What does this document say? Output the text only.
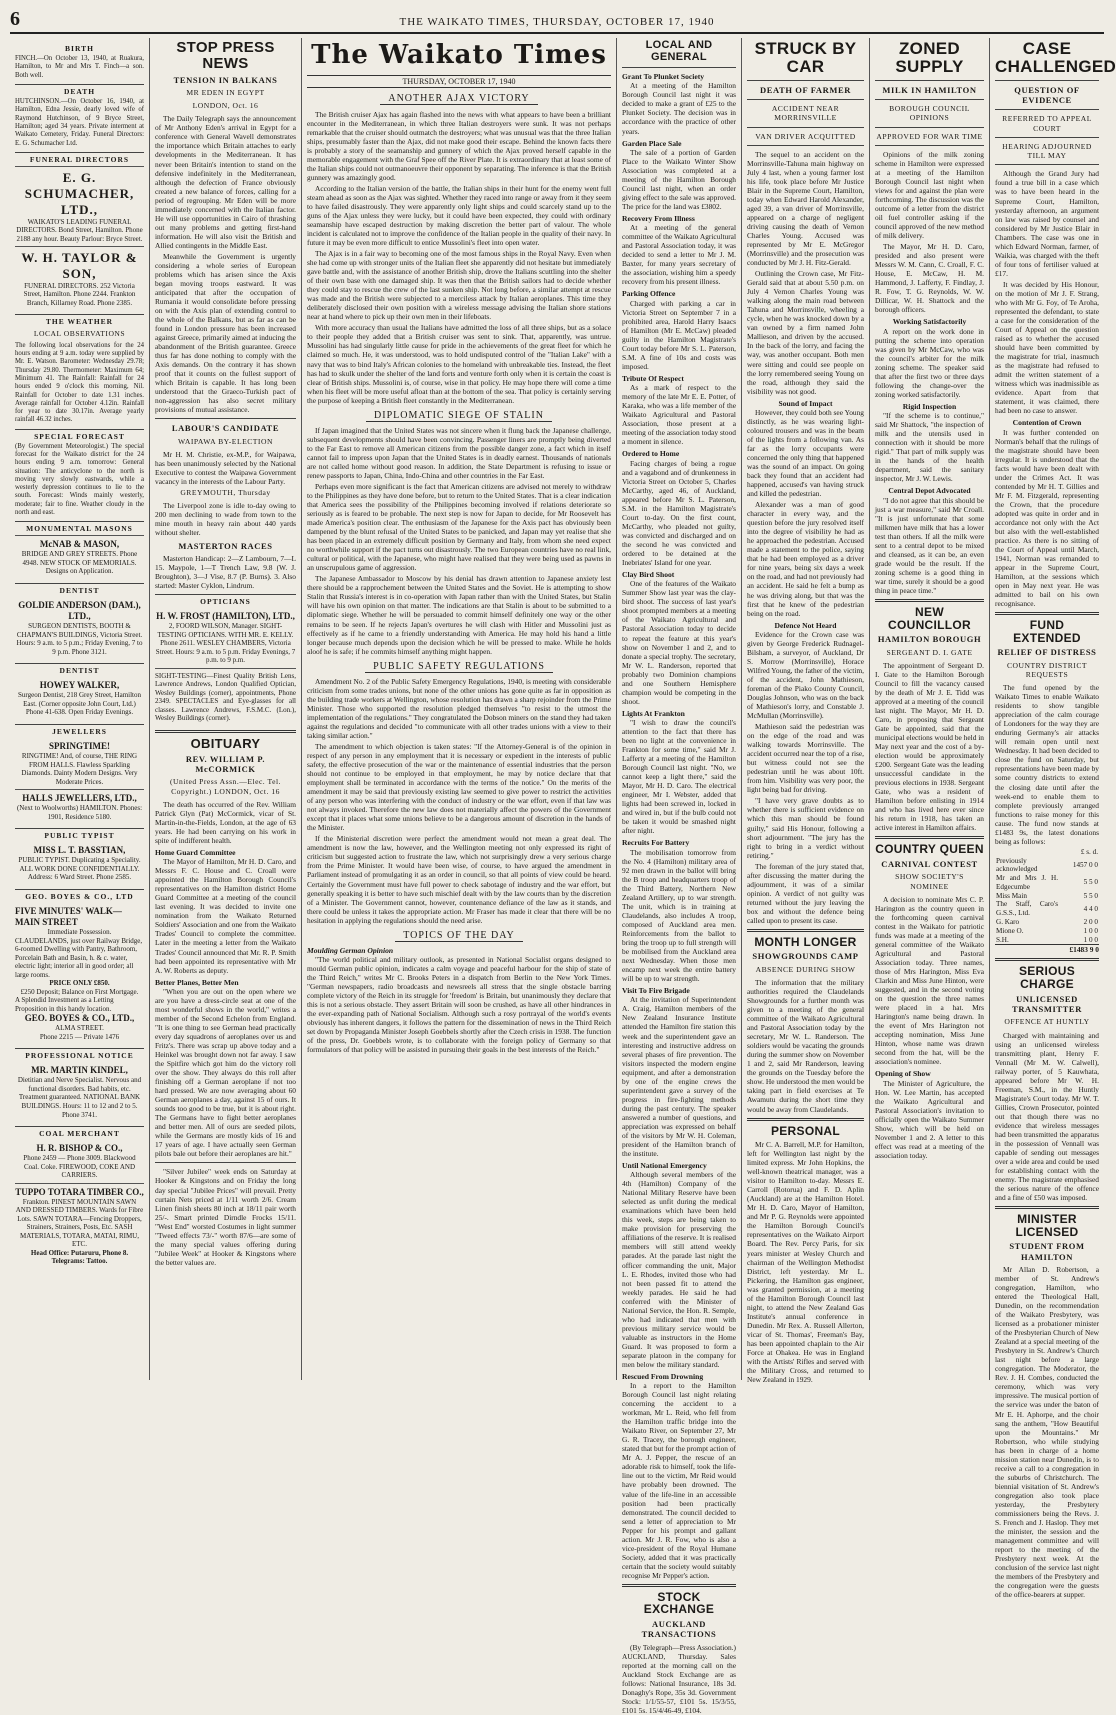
6	THE WAIKATO TIMES, THURSDAY, OCTOBER 17, 1940
BIRTH
FINCH.—On October 13, 1940, at Ruakura, Hamilton, to Mr and Mrs T. Finch—a son. Both well.
DEATH
HUTCHINSON.—On October 16, 1940, at Hamilton, Edna Jessie, dearly loved wife of Raymond Hutchinson, of 9 Bryce Street, Hamilton; aged 34 years. Private interment at Waikato Cemetery, Friday. Funeral Directors: E. G. Schumacher Ltd.
FUNERAL DIRECTORS
E. G. SCHUMACHER, LTD.,
WAIKATO'S LEADING FUNERAL DIRECTORS. Bond Street, Hamilton. Phone 2188 any hour. Beauty Parlour: Bryce Street.
W. H. TAYLOR & SON,
FUNERAL DIRECTORS. 252 Victoria Street, Hamilton. Phone 2244. Frankton Branch, Killarney Road. Phone 2385.
THE WEATHER
LOCAL OBSERVATIONS
The following local observations for the 24 hours ending at 9 a.m. today were supplied by Mr. E. Watson. Barometer: Wednesday 29.78; Thursday 29.80. Thermometer: Maximum 64; Minimum 41. The Rainfall: Rainfall for 24 hours ended 9 o'clock this morning, Nil. Rainfall for October to date 1.31 inches. Average rainfall for October 4.12in. Rainfall for year to date 30.17in. Average yearly rainfall 46.32 inches.
SPECIAL FORECAST
(By Government Meteorologist.) The special forecast for the Waikato district for the 24 hours ending 9 a.m. tomorrow: General situation: The anticyclone to the north is moving very slowly eastwards, while a westerly depression continues to lie to the south. Forecast: Winds mainly westerly, moderate; fair to fine. Weather cloudy in the north and east.
MONUMENTAL MASONS
McNAB & MASON,
BRIDGE AND GREY STREETS. Phone 4948. NEW STOCK OF MEMORIALS. Designs on Application.
DENTIST
GOLDIE ANDERSON (DAM.), LTD.,
SURGEON DENTISTS, BOOTH & CHAPMAN'S BUILDINGS, Victoria Street. Hours: 9 a.m. to 5 p.m.; Friday Evening, 7 to 9 p.m. Phone 3121.
DENTIST
HOWEY WALKER,
Surgeon Dentist, 218 Grey Street, Hamilton East. (Corner opposite John Court, Ltd.) Phone 41-638. Open Friday Evenings.
JEWELLERS
SPRINGTIME!
RINGTIME! And, of course, THE RING FROM HALLS. Flawless Sparkling Diamonds. Dainty Modern Designs. Very Moderate Prices.
HALLS JEWELLERS, LTD.,
(Next to Woolworths) HAMILTON. Phones: 1901, Residence 5180.
PUBLIC TYPIST
MISS L. T. BASSTIAN,
PUBLIC TYPIST. Duplicating a Speciality. ALL WORK DONE CONFIDENTIALLY. Address: 6 Ward Street. Phone 2585.
GEO. BOYES & CO., LTD
FIVE MINUTES' WALK—MAIN STREET
Immediate Possession.
CLAUDELANDS, just over Railway Bridge, 6-roomed Dwelling with Pantry, Bathroom, Porcelain Bath and Basin, h. & c. water, electric light; interior all in good order; all large rooms.
PRICE ONLY £850.
£250 Deposit; Balance on First Mortgage.
A Splendid Investment as a Letting Proposition in this handy location.
GEO. BOYES & CO., LTD.,
ALMA STREET.
Phone 2215 — Private 1476
PROFESSIONAL NOTICE
MR. MARTIN KINDEL,
Dietitian and Nerve Specialist. Nervous and functional disorders. Bad habits, etc. Treatment guaranteed. NATIONAL BANK BUILDINGS. Hours: 11 to 12 and 2 to 5. Phone 3741.
COAL MERCHANT
H. R. BISHOP & CO.,
Phone 2459 — Phone 3009. Blackwood Coal. Coke. FIREWOOD, COKE AND CARRIERS.
TUPPO TOTARA TIMBER CO.,
Frankton. PINEST MOUNTAIN SAWN AND DRESSED TIMBERS. Wards for Fibre Lots. SAWN TOTARA—Fencing Droppers, Strainers, Strainers, Posts, Etc. SASH MATERIALS, TOTARA, MATAI, RIMU, ETC.
Head Office: Putaruru, Phone 8. Telegrams: Tattoo.
STOP PRESS NEWS
TENSION IN BALKANS
MR EDEN IN EGYPT
LONDON, Oct. 16

The Daily Telegraph says the announcement of Mr Anthony Eden's arrival in Egypt for a conference with General Wavell demonstrates the importance which Britain attaches to early developments in the Mediterranean. It has never been Britain's intention to stand on the defensive indefinitely in the Mediterranean, although the defection of France obviously created a new balance of forces, calling for a period of regrouping. Mr Eden will be more immediately concerned with the Italian factor. He will use opportunities in Cairo of thrashing out many problems and getting first-hand information. He will also visit the British and Allied contingents in the Middle East.

Meanwhile the Government is urgently considering a whole series of European problems which has arisen since the Axis began moving troops eastward. It was anticipated that after the occupation of Rumania it would consolidate before pressing on with the Axis plan of extending control to the whole of the Balkans, but as far as can be found in London pressure has been increased against Greece, primarily aimed at inducing the abandonment of the British guarantee. Greece thus far has done nothing to comply with the Axis demands. On the contrary it has shown proof that it counts on the fullest support of which Britain is capable. It has long been understood that the Graeco-Turkish pact of non-aggression has also secret military provisions of mutual assistance.

LABOUR'S CANDIDATE
WAIPAWA BY-ELECTION

Mr H. M. Christie, ex-M.P., for Waipawa, has been unanimously selected by the National Executive to contest the Waipawa Government vacancy in the interests of the Labour Party.

GREYMOUTH, Thursday

The Liverpool zone is idle to-day owing to 200 men declining to wade from town to the mine mouth in heavy rain about 440 yards without shelter.

MASTERTON RACES

Masterton Handicap: 2—Z Lambourn, 7—L 15. Maypole, 1—T Trench Law, 9.8 (W. J. Broughton), 3—J Vise, 8.7 (P. Burns). 3. Also started: Master Cyklon, Lindrum.

OPTICIANS
H. W. FROST (HAMILTON), LTD.,
2, FOORD WILSON, Manager. SIGHT-TESTING OPTICIANS. WITH MR. E. KELLY. Phone 2611. WESLEY CHAMBERS, Victoria Street. Hours: 9 a.m. to 5 p.m. Friday Evenings, 7 p.m. to 9 p.m.
SIGHT-TESTING—Finest Quality British Lens, Lawrence Andrews, London Qualified Optician, Wesley Buildings (corner), appointments, Phone 2349. SPECTACLES and Eye-glasses for all classes. Lawrence Andrews, F.S.M.C. (Lon.), Wesley Buildings (corner).
OBITUARY
REV. WILLIAM P. McCORMICK
(United Press Assn.—Elec. Tel. Copyright.) LONDON, Oct. 16

The death has occurred of the Rev. William Patrick Glyn (Pat) McCormick, vicar of St. Martin-in-the-Fields, London, at the age of 63 years. He had been carrying on his work in spite of indifferent health.

Home Guard Committee

The Mayor of Hamilton, Mr H. D. Caro, and Messrs F. C. House and C. Croall were appointed the Hamilton Borough Council's representatives on the Hamilton district Home Guard Committee at a meeting of the council last evening. It was decided to invite one nomination from the Waikato Returned Soldiers' Association and one from the Waikato Trades' Council to complete the committee. Later in the meeting a letter from the Waikato Trades' Council announced that Mr. R. P. Smith had been appointed its representative with Mr A. W. Roberts as deputy.

Better Planes, Better Men

"When you are out on the open where we are you have a dress-circle seat at one of the most wonderful shows in the world," writes a member of the Second Echelon from England. "It is one thing to see German head practically every day squadrons of aeroplanes over us and Fritz's. There was scrap up above today and a Heinkel was brought down not far away. I saw the Spitfire which got him do the victory roll over the show. They always do this roll after finishing off a German aeroplane if not too hard pressed. We are now averaging about 60 German aeroplanes a day, against 15 of ours. It sounds too good to be true, but it is about right. The Germans have to fight better aeroplanes and better men. All of ours are seeded pilots, while the Germans are mostly kids of 16 and 17 years of age. I have actually seen German pilots bale out before their aeroplanes are hit."

"Silver Jubilee" week ends on Saturday at Hooker & Kingstons and on Friday the long day special "Jubilee Prices" will prevail. Pretty curtain Nets priced at 1/11 worth 2/6. Cream Linen finish sheets 80 inch at 18/11 pair worth 25/-. Smart printed Dirndle Frocks 15/11. "West End" worsted Costumes in light summer "Tweed effects 73/-" worth 87/6—are some of the many special values offering during "Jubilee Week" at Hooker & Kingstons where the better values are.

The Waikato Times
THURSDAY, OCTOBER 17, 1940
ANOTHER AJAX VICTORY

The British cruiser Ajax has again flashed into the news with what appears to have been a brilliant encounter in the Mediterranean, in which three Italian destroyers were sunk. It was not perhaps remarkable that the cruiser should outmatch the destroyers; what was unusual was that the three Italian ships, presumably faster than the Ajax, did not make good their escape. Behind the known facts there is probably a story of the seamanship and gunnery of which the Ajax proved herself capable in the memorable engagement with the Graf Spee off the River Plate. It is extraordinary that at least some of the Italian ships could not outmanoeuvre their opponent by separating. The inference is that the British gunnery was amazingly good.

According to the Italian version of the battle, the Italian ships in their hunt for the enemy went full steam ahead as soon as the Ajax was sighted. Whether they raced into range or away from it they seem to have failed disastrously. They were apparently only light ships and could scarcely stand up to the guns of the Ajax unless they were lucky, but it could have been expected, they could with ordinary seamanship have escaped destruction by making discretion the better part of valour. The whole incident is calculated not to improve the confidence of the Italian people in the quality of their navy. In future it may be even more difficult to entice Mussolini's fleet into open water.

The Ajax is in a fair way to becoming one of the most famous ships in the Royal Navy. Even when she had come up with stronger units of the Italian fleet she apparently did not hesitate but immediately gave battle and, with the assistance of another British ship, drove the Italians scuttling into the shelter of their own base with one damaged ship. It was then that the British sailors had to decide whether they could stay to rescue the crew of the last sunken ship. Not long before, a similar attempt at rescue was made and the British were subjected to a merciless attack by Italian aeroplanes. This time they deliberately disclosed their own position with a wireless message advising the Italian shore stations near at hand where to pick up their own men in their lifeboats.

With more accuracy than usual the Italians have admitted the loss of all three ships, but as a solace to their people they added that a British cruiser was sent to sink. That, apparently, was untrue. Mussolini has had singularly little cause for pride in the achievements of the great fleet for which he claimed so much. He, it was understood, was to hold undisputed control of the "Italian Lake" with a navy that was to bind Italy's African colonies to the homeland with unbreakable ties. Instead, the fleet has had to skulk under the shelter of the land forts and venture forth only when it is certain the coast is clear of British ships. Mussolini is, of course, wise in that policy. He may hope there will come a time when his fleet will be more useful afloat than at the bottom of the sea. That policy is certainly serving the purpose of keeping a British fleet constantly in the Mediterranean.

DIPLOMATIC SIEGE OF STALIN

If Japan imagined that the United States was not sincere when it flung back the Japanese challenge, subsequent developments should have been convincing. Passenger liners are promptly being diverted to the Far East to remove all American citizens from the possible danger zone, a fact which in itself cannot fail to impress upon Japan that the United States is in deadly earnest. Thousands of nationals are not called home without good reason. In addition, the State Department is refusing to issue or renew passports to Japan, China, Indo-China and other countries in the Far East.

Perhaps even more significant is the fact that American citizens are advised not merely to withdraw to the Philippines as they have done before, but to return to the United States. That is a clear indication that America sees the possibility of the Philippines becoming involved if relations deteriorate so seriously as is feared to be probable. The next step is now for Japan to decide, for Mr Roosevelt has made America's position clear. The enthusiasm of the Japanese for the Axis pact has obviously been dampened by the blunt refusal of the United States to be panicked, and Japan may yet realise that she has been placed in an extremely difficult position by Germany and Italy, from whom she need expect no worthwhile support if the pact turns out disastrously. The two European countries have no real link, cultural or political, with the Japanese, who might have realised that they were being used as pawns in an unscrupulous game of aggression.

The Japanese Ambassador to Moscow by his denial has drawn attention to Japanese anxiety lest there should be a rapprochement between the United States and the Soviet. He is attempting to show Stalin that Russia's interest is in co-operation with Japan rather than with the United States, but Stalin will have his own opinion on that matter. The indications are that Stalin is about to be submitted to a diplomatic siege. Whether he will be persuaded to commit himself definitely one way or the other remains to be seen. If he rejects Japan's overtures he will clash with Hitler and Mussolini just as effectively as if he came to a friendly understanding with America. He may hold his hand a little longer because much depends upon the decision which he will be pressed to make. While he holds aloof he is safe; if he commits himself anything might happen.

PUBLIC SAFETY REGULATIONS

Amendment No. 2 of the Public Safety Emergency Regulations, 1940, is meeting with considerable criticism from some trades unions, but none of the other unions has gone quite as far in opposition as the building trade workers at Wellington, whose resolution has drawn a sharp rejoinder from the Prime Minister. Those who supported the resolution pledged themselves "to resist to the utmost the implementation of the regulations." They congratulated the Dobson miners on the stand they had taken against the regulations and decided "to communicate with all other trades unions with a view to their taking similar action."

The amendment to which objection is taken states: "If the Attorney-General is of the opinion in respect of any person in any employment that it is necessary or expedient in the interests of public safety, the effective prosecution of the war or the maintenance of essential industries that the person should not continue to be employed in that employment, he may by notice declare that that employment shall be terminated in accordance with the terms of the notice." On the merits of the amendment it may be said that previously existing law seemed to give power to restrict the activities of any person who was interfering with the conduct of industry or the war effort, even if that law was not always invoked. Therefore the new law does not materially affect the powers of the Government except that it places what some unions believe to be a dangerous amount of discretion in the hands of the Minister.

If the Ministerial discretion were perfect the amendment would not mean a great deal. The amendment is now the law, however, and the Wellington meeting not only expressed its right of criticism but suggested action to frustrate the law, which not surprisingly drew a very serious charge from the Prime Minister. It would have been wise, of course, to have argued the amendment in Parliament instead of promulgating it as an order in council, so that all points of view could be heard. Certainly the Government must have full power to check sabotage of industry and the war effort, but generally speaking it is better to have such mischief dealt with by the law courts than by the discretion of a Minister. The Government cannot, however, countenance defiance of the law as it stands, and there could be unless it takes the appropriate action. Mr Fraser has made it clear that there will be no hesitation in applying the regulations should the need arise.

TOPICS OF THE DAY
Moulding German Opinion

"The world political and military outlook, as presented in National Socialist organs designed to mould German public opinion, indicates a calm voyage and peaceful harbour for the ship of state of the Third Reich," writes Mr C. Brooks Peters in a dispatch from Berlin to the New York Times. "German newspapers, radio broadcasts and newsreels all stress that the single obstacle barring complete victory of the Reich in its struggle for 'freedom' is Britain, but unanimously they declare that this is not a serious obstacle. They assert Britain will soon be crushed, as have all other hindrances in the ever-expanding path of National Socialism. Although such a rosy portrayal of the world's events obviously has inherent dangers, it follows the pattern for the dissemination of news in the Third Reich set down by Propaganda Minister Joseph Goebbels shortly after the Czech crisis in 1938. The function of the press, Dr. Goebbels wrote, is to collaborate with the foreign policy of Germany so that formulators of that policy will be assisted in pursuing their goals in the best interests of the Reich."

LOCAL AND GENERAL
Grant To Plunket Society

At a meeting of the Hamilton Borough Council last night it was decided to make a grant of £25 to the Plunket Society. The decision was in accordance with the practice of other years.

Garden Place Sale

The sale of a portion of Garden Place to the Waikato Winter Show Association was completed at a meeting of the Hamilton Borough Council last night, when an order giving effect to the sale was approved. The price for the land was £3802.

Recovery From Illness

At a meeting of the general committee of the Waikato Agricultural and Pastoral Association today, it was decided to send a letter to Mr J. M. Baxter, for many years secretary of the association, wishing him a speedy recovery from his present illness.

Parking Offence

Charged with parking a car in Victoria Street on September 7 in a prohibited area, Harold Harry Isaacs of Hamilton (Mr E. McCaw) pleaded guilty in the Hamilton Magistrate's Court today before Mr S. L. Paterson, S.M. A fine of 10s and costs was imposed.

Tribute Of Respect

As a mark of respect to the memory of the late Mr E. E. Potter, of Karaka, who was a life member of the Waikato Agricultural and Pastoral Association, those present at a meeting of the association today stood a moment in silence.

Ordered to Home

Facing charges of being a rogue and a vagabond and of drunkenness in Victoria Street on October 5, Charles McCarthy, aged 46, of Auckland, appeared before Mr S. L. Paterson, S.M. in the Hamilton Magistrate's Court to-day. On the first count, McCarthy, who pleaded not guilty, was convicted and discharged and on the second he was convicted and ordered to be detained at the Inebriates' Island for one year.

Clay Bird Shoot

One of the features of the Waikato Summer Show last year was the clay-bird shoot. The success of last year's shoot prompted members at a meeting of the Waikato Agricultural and Pastoral Association today to decide to repeat the feature at this year's show on November 1 and 2, and to donate a special trophy. The secretary, Mr W. L. Randerson, reported that probably two Dominion champions and one Southern Hemisphere champion would be competing in the shoot.

Lights At Frankton

"I wish to draw the council's attention to the fact that there has been no light at the convenience in Frankton for some time," said Mr J. Lafferty at a meeting of the Hamilton Borough Council last night. "No, we cannot keep a light there," said the Mayor, Mr H. D. Caro. The electrical engineer, Mr I. Webster, added that lights had been screwed in, locked in and wired in, but if the bulb could not be taken it would be smashed night after night.

Recruits For Battery

The mobilisation tomorrow from the No. 4 (Hamilton) military area of 92 men drawn in the ballot will bring the B troop and headquarters troop of the Third Battery, Northern New Zealand Artillery, up to war strength. The unit, which is in training at Claudelands, also includes A troop, composed of Auckland area men. Reinforcements from the ballot to bring the troop up to full strength will be mobilised from the Auckland area next Wednesday. When those men encamp next week the entire battery will be up to war strength.

Visit To Fire Brigade

At the invitation of Superintendent A. Craig, Hamilton members of the New Zealand Insurance Institute attended the Hamilton fire station this week and the superintendent gave an interesting and instructive address on several phases of fire prevention. The visitors inspected the modern engine equipment, and after a demonstration by one of the engine crews the superintendent gave a survey of the progress in fire-fighting methods during the past century. The speaker answered a number of questions, and appreciation was expressed on behalf of the visitors by Mr W. H. Coleman, president of the Hamilton branch of the institute.

Until National Emergency

Although several members of the 4th (Hamilton) Company of the National Military Reserve have been selected as unfit during the medical examinations which have been held this week, steps are being taken to make provision for preserving the affiliations of the reserve. It is realised members will still attend weekly parades. At the parade last night the officer commanding the unit, Major L. E. Rhodes, invited those who had not been passed fit to attend the weekly parades. He said he had conferred with the Minister of National Service, the Hon. R. Semple, who had indicated that men with previous military service would be valuable as instructors in the Home Guard. It was proposed to form a separate platoon in the company for men below the military standard.

Rescued From Drowning

In a report to the Hamilton Borough Council last night relating concerning the accident to a workman, Mr L. Reid, who fell from the Hamilton traffic bridge into the Waikato River, on September 27, Mr G. R. Tracey, the borough engineer, stated that but for the prompt action of Mr A. J. Pepper, the rescue of an adorable risk to himself, took the life-line out to the victim, Mr Reid would have probably been drowned. The value of the life-line in an accessible position had been practically demonstrated. The council decided to send a letter of appreciation to Mr Pepper for his prompt and gallant action. Mr J. R. Fow, who is also a vice-president of the Royal Humane Society, added that it was practically certain that the society would suitably recognise Mr Pepper's action.

STOCK EXCHANGE
AUCKLAND TRANSACTIONS

(By Telegraph—Press Association.) AUCKLAND, Thursday. Sales reported at the morning call on the Auckland Stock Exchange are as follows: National Insurance, 18s 3d. Donaghy's Rope, 35s 3d. Government Stock: 1/1/55-57, £101 5s. 15/3/55, £101 5s. 15/4/46-49, £104.

STRUCK BY CAR
DEATH OF FARMER
ACCIDENT NEAR MORRINSVILLE
VAN DRIVER ACQUITTED

The sequel to an accident on the Morrinsville-Tahuna main highway on July 4 last, when a young farmer lost his life, took place before Mr Justice Blair in the Supreme Court, Hamilton, today when Edward Harold Alexander, aged 39, a van driver of Morrinsville, appeared on a charge of negligent driving causing the death of Vernon Charles Young. Accused was represented by Mr E. McGregor (Morrinsville) and the prosecution was conducted by Mr J. H. Fitz-Gerald.

Outlining the Crown case, Mr Fitz-Gerald said that at about 5.50 p.m. on July 4 Vernon Charles Young was walking along the main road between Tahuna and Morrinsville, wheeling a cycle, when he was knocked down by a van owned by a firm named John Mallieson, and driven by the accused. In the back of the lorry, and facing the way, was another occupant. Both men were sitting and could see people on the lorry remembered seeing Young on the road, although they said the visibility was not good.

Sound of Impact

However, they could both see Young distinctly, as he was wearing light-coloured trousers and was in the beam of the lights from a following van. As far as the lorry occupants were concerned the only thing that happened was the sound of an impact. On going back they found that an accident had happened, accused's van having struck and killed the pedestrian.

Alexander was a man of good character in every way, and the question before the jury resolved itself into the degree of visibility he had as he approached the pedestrian. Accused made a statement to the police, saying that he had been employed as a driver for nine years, being six days a week on the road, and had not previously had an accident. He said he felt a bump as he was driving along, but that was the first that he knew of the pedestrian being on the road.

Defence Not Heard

Evidence for the Crown case was given by George Frederick Rudnagel-Bilsham, a surveyor, of Auckland, Dr S. Morrow (Morrinsville), Horace Wilfred Young, the father of the victim, of the accident, John Mathieson, foreman of the Piako County Council, Douglas Johnson, who was on the back of Mathieson's lorry, and Constable J. McMullan (Morrinsville).

Mathieson said the pedestrian was on the edge of the road and was walking towards Morrinsville. The accident occurred near the top of a rise, but witness could not see the pedestrian until he was about 10ft. from him. Visibility was very poor, the light being bad for driving.

"I have very grave doubts as to whether there is sufficient evidence on which this man should be found guilty," said His Honour, following a short adjournment. "The jury has the right to bring in a verdict without retiring."

The foreman of the jury stated that, after discussing the matter during the adjournment, it was of a similar opinion. A verdict of not guilty was returned without the jury leaving the box and without the defence being called upon to present its case.

MONTH LONGER
SHOWGROUNDS CAMP
ABSENCE DURING SHOW

The information that the military authorities required the Claudelands Showgrounds for a further month was given to a meeting of the general committee of the Waikato Agricultural and Pastoral Association today by the secretary, Mr W. L. Randerson. The soldiers would be vacating the grounds during the summer show on November 1 and 2, said Mr Randerson, leaving the grounds on the Tuesday before the show. He understood the men would be taking part in field exercises at Te Awamutu during the short time they would be away from Claudelands.

PERSONAL

Mr C. A. Barrell, M.P. for Hamilton, left for Wellington last night by the limited express. Mr John Hopkins, the well-known theatrical manager, was a visitor to Hamilton to-day. Messrs E. Carroll (Rotorua) and F. D. Aplin (Auckland) are at the Hamilton Hotel. Mr H. D. Caro, Mayor of Hamilton, and Mr P. G. Reynolds were appointed the Hamilton Borough Council's representatives on the Waikato Airport Board. The Rev. Percy Paris, for six years minister at Wesley Church and chairman of the Wellington Methodist District, left yesterday. Mr L. Pickering, the Hamilton gas engineer, was granted permission, at a meeting of the Hamilton Borough Council last night, to attend the New Zealand Gas Institute's annual conference in Dunedin. Mr Rex. A. Russell Allerton, vicar of St. Thomas', Freeman's Bay, has been appointed chaplain to the Air Force at Ohakea. He was in England with the Artists' Rifles and served with the Military Cross, and returned to New Zealand in 1929.

ZONED SUPPLY
MILK IN HAMILTON
BOROUGH COUNCIL OPINIONS
APPROVED FOR WAR TIME

Opinions of the milk zoning scheme in Hamilton were expressed at a meeting of the Hamilton Borough Council last night when views for and against the plan were forthcoming. The discussion was the outcome of a letter from the district oil fuel controller asking if the council approved of the new method of milk delivery.

The Mayor, Mr H. D. Caro, presided and also present were Messrs W. M. Cann, C. Croall, F. C. House, E. McCaw, H. M. Hammond, J. Lafferty, F. Findlay, J. R. Fow, T. G. Reynolds, W. W. Dillicar, W. H. Shattock and the borough officers.

Working Satisfactorily

A report on the work done in putting the scheme into operation was given by Mr McCaw, who was the council's arbiter for the milk zoning scheme. The speaker said that after the first two or three days following the change-over the zoning worked satisfactorily.

Rigid Inspection

"If the scheme is to continue," said Mr Shattock, "the inspection of milk and the utensils used in connection with it should be more rigid." That part of milk supply was in the hands of the health department, said the sanitary inspector, Mr J. W. Lewis.

Central Depot Advocated

"I do not agree that this should be just a war measure," said Mr Croall. "It is just unfortunate that some milkmen have milk that has a lower test than others. If all the milk were sent to a central depot to be mixed and cleansed, as it can be, an even grade would be the result. If the zoning scheme is a good thing in war time, surely it should be a good thing in peace time."

NEW COUNCILLOR
HAMILTON BOROUGH
SERGEANT D. I. GATE

The appointment of Sergeant D. I. Gate to the Hamilton Borough Council to fill the vacancy caused by the death of Mr J. E. Tidd was approved at a meeting of the council last night. The Mayor, Mr H. D. Caro, in proposing that Sergeant Gate be appointed, said that the municipal elections would be held in May next year and the cost of a by-election would be approximately £200. Sergeant Gate was the leading unsuccessful candidate in the previous elections in 1938. Sergeant Gate, who was a resident of Hamilton before enlisting in 1914 and who has lived here ever since his return in 1918, has taken an active interest in Hamilton affairs.

COUNTRY QUEEN
CARNIVAL CONTEST
SHOW SOCIETY'S NOMINEE

A decision to nominate Mrs C. P. Harington as the country queen in the forthcoming queen carnival contest in the Waikato for patriotic funds was made at a meeting of the general committee of the Waikato Agricultural and Pastoral Association today. Three names, those of Mrs Harington, Miss Eva Clarkin and Miss June Hinton, were suggested, and in the second voting on the question the three names were placed in a hat. Mrs Harington's name being drawn. In the event of Mrs Harington not accepting nomination, Miss June Hinton, whose name was drawn second from the hat, will be the association's nominee.

Opening of Show

The Minister of Agriculture, the Hon. W. Lee Martin, has accepted the Waikato Agricultural and Pastoral Association's invitation to officially open the Waikato Summer Show, which will be held on November 1 and 2. A letter to this effect was read at a meeting of the association today.

CASE CHALLENGED
QUESTION OF EVIDENCE
REFERRED TO APPEAL COURT
HEARING ADJOURNED TILL MAY

Although the Grand Jury had found a true bill in a case which was to have been heard in the Supreme Court, Hamilton, yesterday afternoon, an argument on law was raised by counsel and considered by Mr Justice Blair in Chambers. The case was one in which Edward Norman, farmer, of Waikia, was charged with the theft of four tons of fertiliser valued at £17.

It was decided by His Honour, on the motion of Mr J. F. Strang, who with Mr G. Foy, of Te Aroha, represented the defendant, to state a case for the consideration of the Court of Appeal on the question raised as to whether the accused should have been committed by the magistrate for trial, inasmuch as the magistrate had refused to admit the written statement of a witness which was inadmissible as evidence. Apart from that statement, it was claimed, there had been no case to answer.

Contention of Crown

It was further contended on Norman's behalf that the rulings of the magistrate should have been irregular. It is understood that the facts would have been dealt with under the Crimes Act. It was contended by Mr H. T. Gillies and Mr F. M. Fitzgerald, representing the Crown, that the procedure adopted was quite in order and in accordance not only with the Act but also with the well-established practice. As there is no sitting of the Court of Appeal until March, 1941, Norman was remanded to appear in the Supreme Court, Hamilton, at the sessions which open in May next year. He was admitted to bail on his own recognisance.

FUND EXTENDED
RELIEF OF DISTRESS
COUNTRY DISTRICT REQUESTS

The fund opened by the Waikato Times to enable Waikato residents to show tangible appreciation of the calm courage of Londoners for the way they are enduring Germany's air attacks will remain open until next Wednesday. It had been decided to close the fund on Saturday, but representations have been made by some country districts to extend the closing date until after the week-end to enable them to complete previously arranged functions to raise money for this cause. The fund now stands at £1483 9s, the latest donations being as follows:

	£ s. d.
Previously acknowledged	1457 0 0
Mr and Mrs J. H. Edgecumbe	5 5 0
Miss Main	5 5 0
The Staff, Caro's G.S.S., Ltd.	4 4 0
G. Karo	2 0 0
Mione O.	1 0 0
S.H.	1 0 0
£1483 9 0
SERIOUS CHARGE
UNLICENSED TRANSMITTER
OFFENCE AT HUNTLY

Charged with maintaining and using an unlicensed wireless transmitting plant, Henry F. Vennall (Mr M. W. Calwell), railway porter, of 5 Kauwhata, appeared before Mr W. H. Freeman, S.M., in the Huntly Magistrate's Court today. Mr W. T. Gillies, Crown Prosecutor, pointed out that though there was no evidence that wireless messages had been transmitted the apparatus in the possession of Vennall was capable of sending out messages over a wide area and could be used for establishing contact with the enemy. The magistrate emphasised the serious nature of the offence and a fine of £50 was imposed.

MINISTER LICENSED
STUDENT FROM HAMILTON

Mr Allan D. Robertson, a member of St. Andrew's congregation, Hamilton, who entered the Theological Hall, Dunedin, on the recommendation of the Waikato Presbytery, was licensed as a probationer minister of the Presbyterian Church of New Zealand at a special meeting of the Presbytery in St. Andrew's Church last night before a large congregation. The Moderator, the Rev. J. H. Combes, conducted the ceremony, which was very impressive. The musical portion of the service was under the baton of Mr E. H. Aphorpe, and the choir sang the anthem, "How Beautiful upon the Mountains." Mr Robertson, who while studying has been in charge of a home mission station near Dunedin, is to receive a call to a congregation in the suburbs of Christchurch. The biennial visitation of St. Andrew's congregation also took place yesterday, the Presbytery commissioners being the Revs. J. S. French and J. Haslop. They met the minister, the session and the management committee and will report to the meeting of the Presbytery next week. At the conclusion of the service last night the members of the Presbytery and the congregation were the guests of the office-bearers at supper.
